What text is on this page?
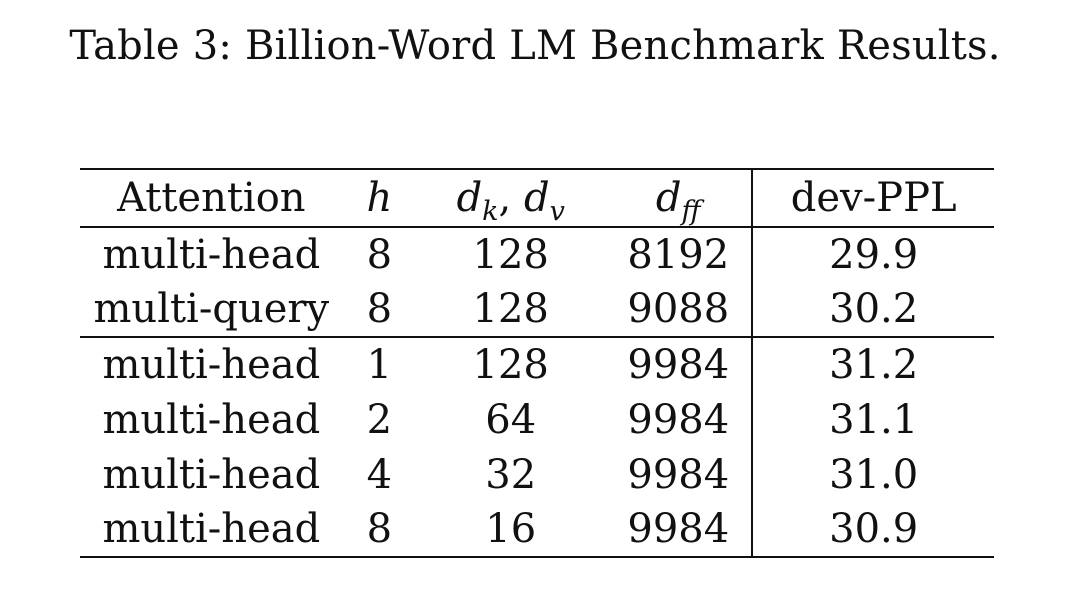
Table 3: Billion-Word LM Benchmark Results.
Attention	h	$d_k$, $d_v$	$d_{ff}$	dev-PPL
multi-head	8	128	8192	29.9
multi-query	8	128	9088	30.2
multi-head	1	128	9984	31.2
multi-head	2	64	9984	31.1
multi-head	4	32	9984	31.0
multi-head	8	16	9984	30.9
